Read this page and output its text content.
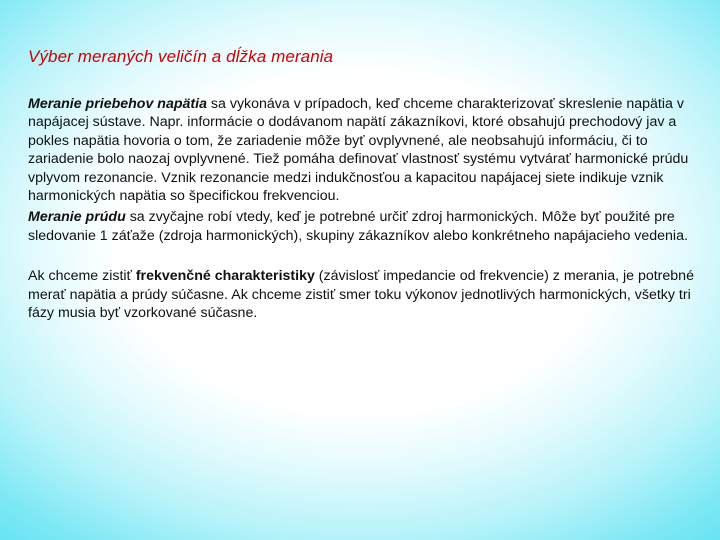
Výber meraných veličín a dĺžka merania

Meranie priebehov napätia sa vykonáva v prípadoch, keď chceme charakterizovať skreslenie napätia v napájacej sústave. Napr. informácie o dodávanom napätí zákazníkovi, ktoré obsahujú prechodový jav a pokles napätia hovoria o tom, že zariadenie môže byť ovplyvnené, ale neobsahujú informáciu, či to zariadenie bolo naozaj ovplyvnené. Tiež pomáha definovať vlastnosť systému vytvárať harmonické prúdu vplyvom rezonancie. Vznik rezonancie medzi indukčnosťou a kapacitou napájacej siete indikuje vznik harmonických napätia so špecifickou frekvenciou.

Meranie prúdu sa zvyčajne robí vtedy, keď je potrebné určiť zdroj harmonických. Môže byť použité pre sledovanie 1 záťaže (zdroja harmonických), skupiny zákazníkov alebo konkrétneho napájacieho vedenia.

Ak chceme zistiť frekvenčné charakteristiky (závislosť impedancie od frekvencie) z merania, je potrebné merať napätia a prúdy súčasne. Ak chceme zistiť smer toku výkonov jednotlivých harmonických, všetky tri fázy musia byť vzorkované súčasne.
